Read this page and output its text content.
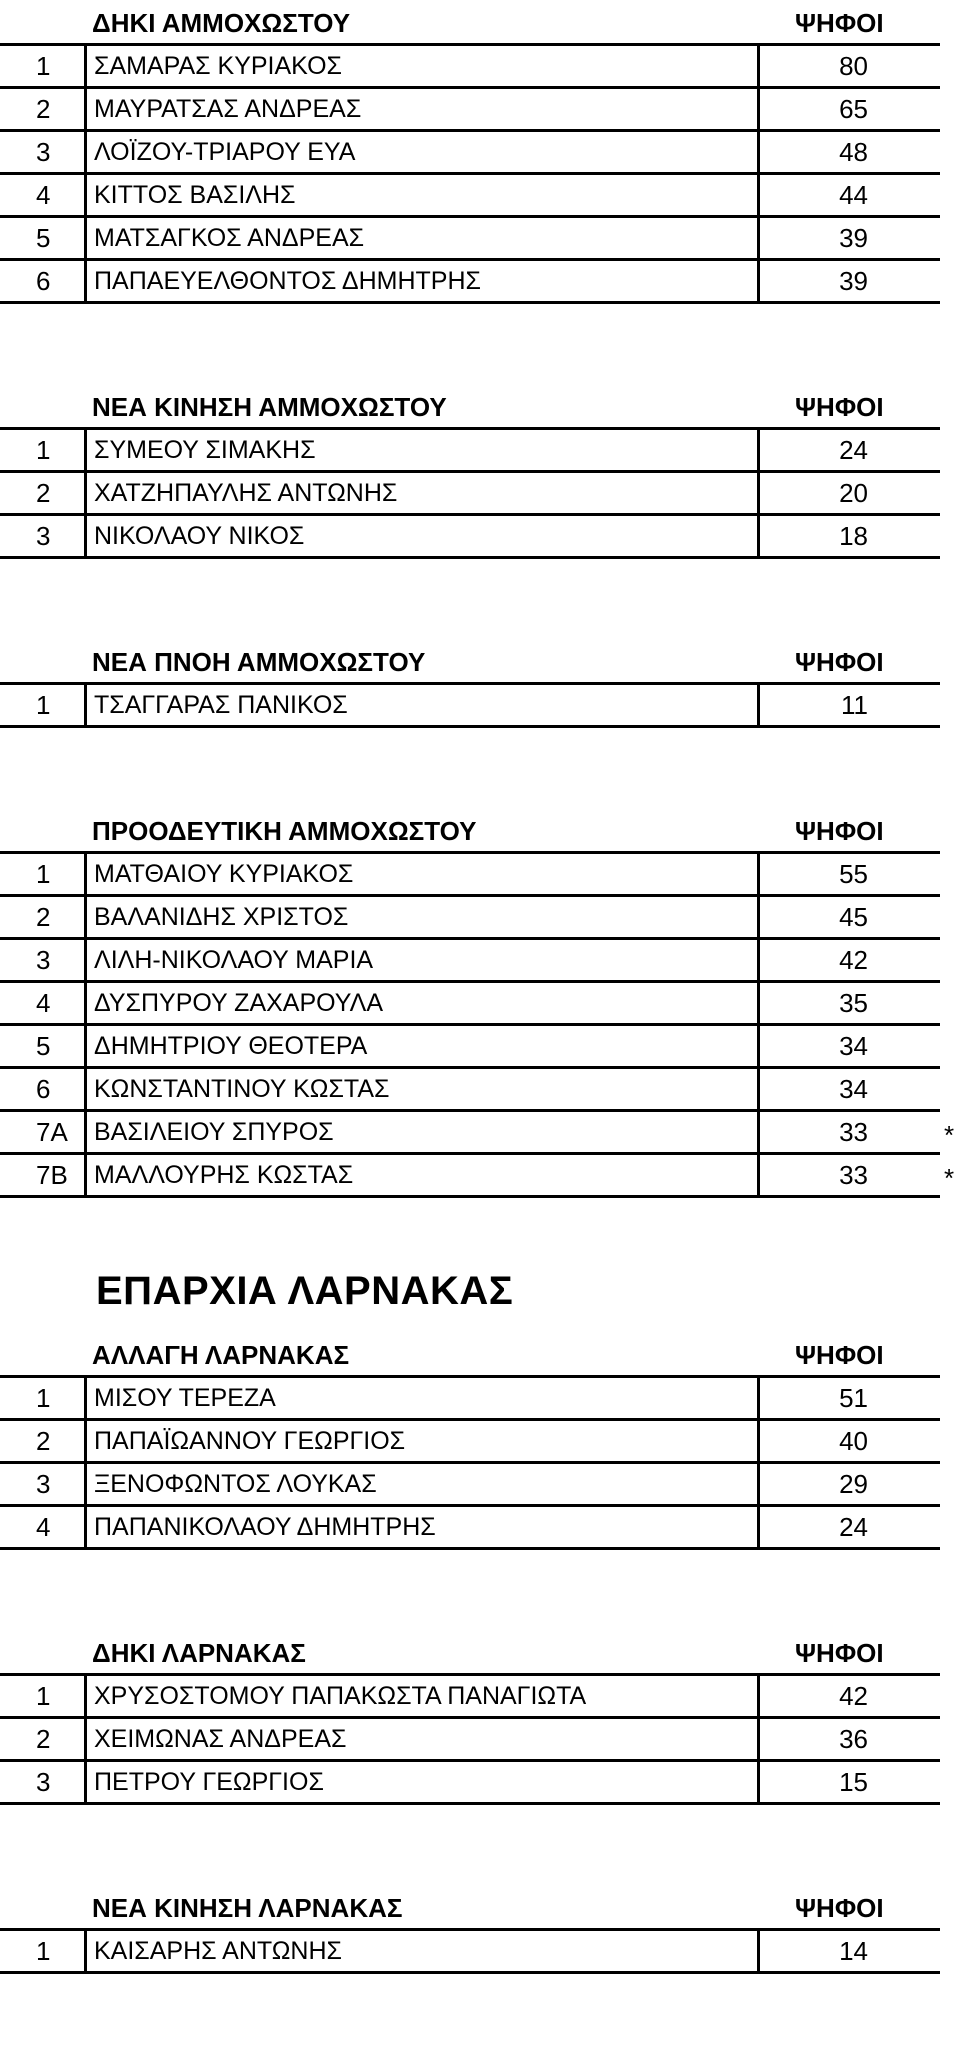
ΔΗΚΙ ΑΜΜΟΧΩΣΤΟΥ	ΨΗΦΟΙ
1	ΣΑΜΑΡΑΣ ΚΥΡΙΑΚΟΣ	80
2	ΜΑΥΡΑΤΣΑΣ ΑΝΔΡΕΑΣ	65
3	ΛΟΪΖΟΥ-ΤΡΙΑΡΟΥ ΕΥΑ	48
4	ΚΙΤΤΟΣ ΒΑΣΙΛΗΣ	44
5	ΜΑΤΣΑΓΚΟΣ ΑΝΔΡΕΑΣ	39
6	ΠΑΠΑΕΥΕΛΘΟΝΤΟΣ ΔΗΜΗΤΡΗΣ	39
ΝΕΑ ΚΙΝΗΣΗ ΑΜΜΟΧΩΣΤΟΥ	ΨΗΦΟΙ
1	ΣΥΜΕΟΥ ΣΙΜΑΚΗΣ	24
2	ΧΑΤΖΗΠΑΥΛΗΣ ΑΝΤΩΝΗΣ	20
3	ΝΙΚΟΛΑΟΥ ΝΙΚΟΣ	18
ΝΕΑ ΠΝΟΗ ΑΜΜΟΧΩΣΤΟΥ	ΨΗΦΟΙ
1	ΤΣΑΓΓΑΡΑΣ ΠΑΝΙΚΟΣ	11
ΠΡΟΟΔΕΥΤΙΚΗ ΑΜΜΟΧΩΣΤΟΥ	ΨΗΦΟΙ
1	ΜΑΤΘΑΙΟΥ ΚΥΡΙΑΚΟΣ	55
2	ΒΑΛΑΝΙΔΗΣ ΧΡΙΣΤΟΣ	45
3	ΛΙΛΗ-ΝΙΚΟΛΑΟΥ ΜΑΡΙΑ	42
4	ΔΥΣΠΥΡΟΥ ΖΑΧΑΡΟΥΛΑ	35
5	ΔΗΜΗΤΡΙΟΥ ΘΕΟΤΕΡΑ	34
6	ΚΩΝΣΤΑΝΤΙΝΟΥ ΚΩΣΤΑΣ	34
7Α	ΒΑΣΙΛΕΙΟΥ ΣΠΥΡΟΣ	33	*
7Β	ΜΑΛΛΟΥΡΗΣ ΚΩΣΤΑΣ	33	*
ΕΠΑΡΧΙΑ ΛΑΡΝΑΚΑΣ
ΑΛΛΑΓΗ ΛΑΡΝΑΚΑΣ	ΨΗΦΟΙ
1	ΜΙΣΟΥ ΤΕΡΕΖΑ	51
2	ΠΑΠΑΪΩΑΝΝΟΥ ΓΕΩΡΓΙΟΣ	40
3	ΞΕΝΟΦΩΝΤΟΣ ΛΟΥΚΑΣ	29
4	ΠΑΠΑΝΙΚΟΛΑΟΥ ΔΗΜΗΤΡΗΣ	24
ΔΗΚΙ ΛΑΡΝΑΚΑΣ	ΨΗΦΟΙ
1	ΧΡΥΣΟΣΤΟΜΟΥ ΠΑΠΑΚΩΣΤΑ ΠΑΝΑΓΙΩΤΑ	42
2	ΧΕΙΜΩΝΑΣ ΑΝΔΡΕΑΣ	36
3	ΠΕΤΡΟΥ ΓΕΩΡΓΙΟΣ	15
ΝΕΑ ΚΙΝΗΣΗ ΛΑΡΝΑΚΑΣ	ΨΗΦΟΙ
1	ΚΑΙΣΑΡΗΣ ΑΝΤΩΝΗΣ	14
